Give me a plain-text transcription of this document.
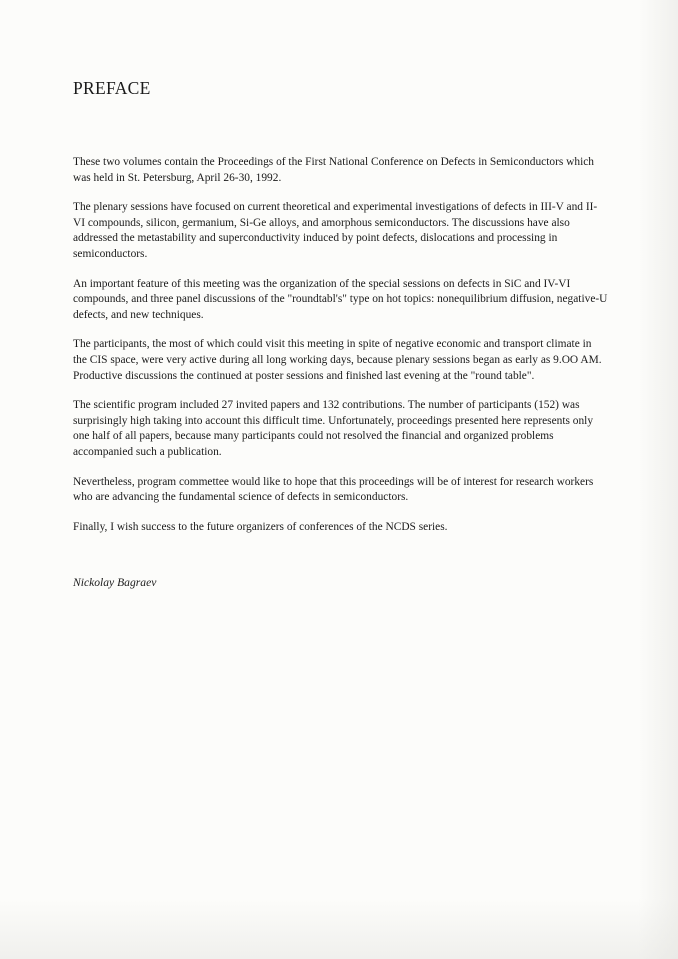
PREFACE

These two volumes contain the Proceedings of the First National Conference on Defects in Semiconductors which was held in St. Petersburg, April 26-30, 1992.

The plenary sessions have focused on current theoretical and experimental investigations of defects in III-V and II-VI compounds, silicon, germanium, Si-Ge alloys, and amorphous semiconductors. The discussions have also addressed the metastability and superconductivity induced by point defects, dislocations and processing in semiconductors.

An important feature of this meeting was the organization of the special sessions on defects in SiC and IV-VI compounds, and three panel discussions of the "roundtabl's" type on hot topics: nonequilibrium diffusion, negative-U defects, and new techniques.

The participants, the most of which could visit this meeting in spite of negative economic and transport climate in the CIS space, were very active during all long working days, because plenary sessions began as early as 9.OO AM. Productive discussions the continued at poster sessions and finished last evening at the "round table".

The scientific program included 27 invited papers and 132 contributions. The number of participants (152) was surprisingly high taking into account this difficult time. Unfortunately, proceedings presented here represents only one half of all papers, because many participants could not resolved the financial and organized problems accompanied such a publication.

Nevertheless, program commettee would like to hope that this proceedings will be of interest for research workers who are advancing the fundamental science of defects in semiconductors.

Finally, I wish success to the future organizers of conferences of the NCDS series.

Nickolay Bagraev
